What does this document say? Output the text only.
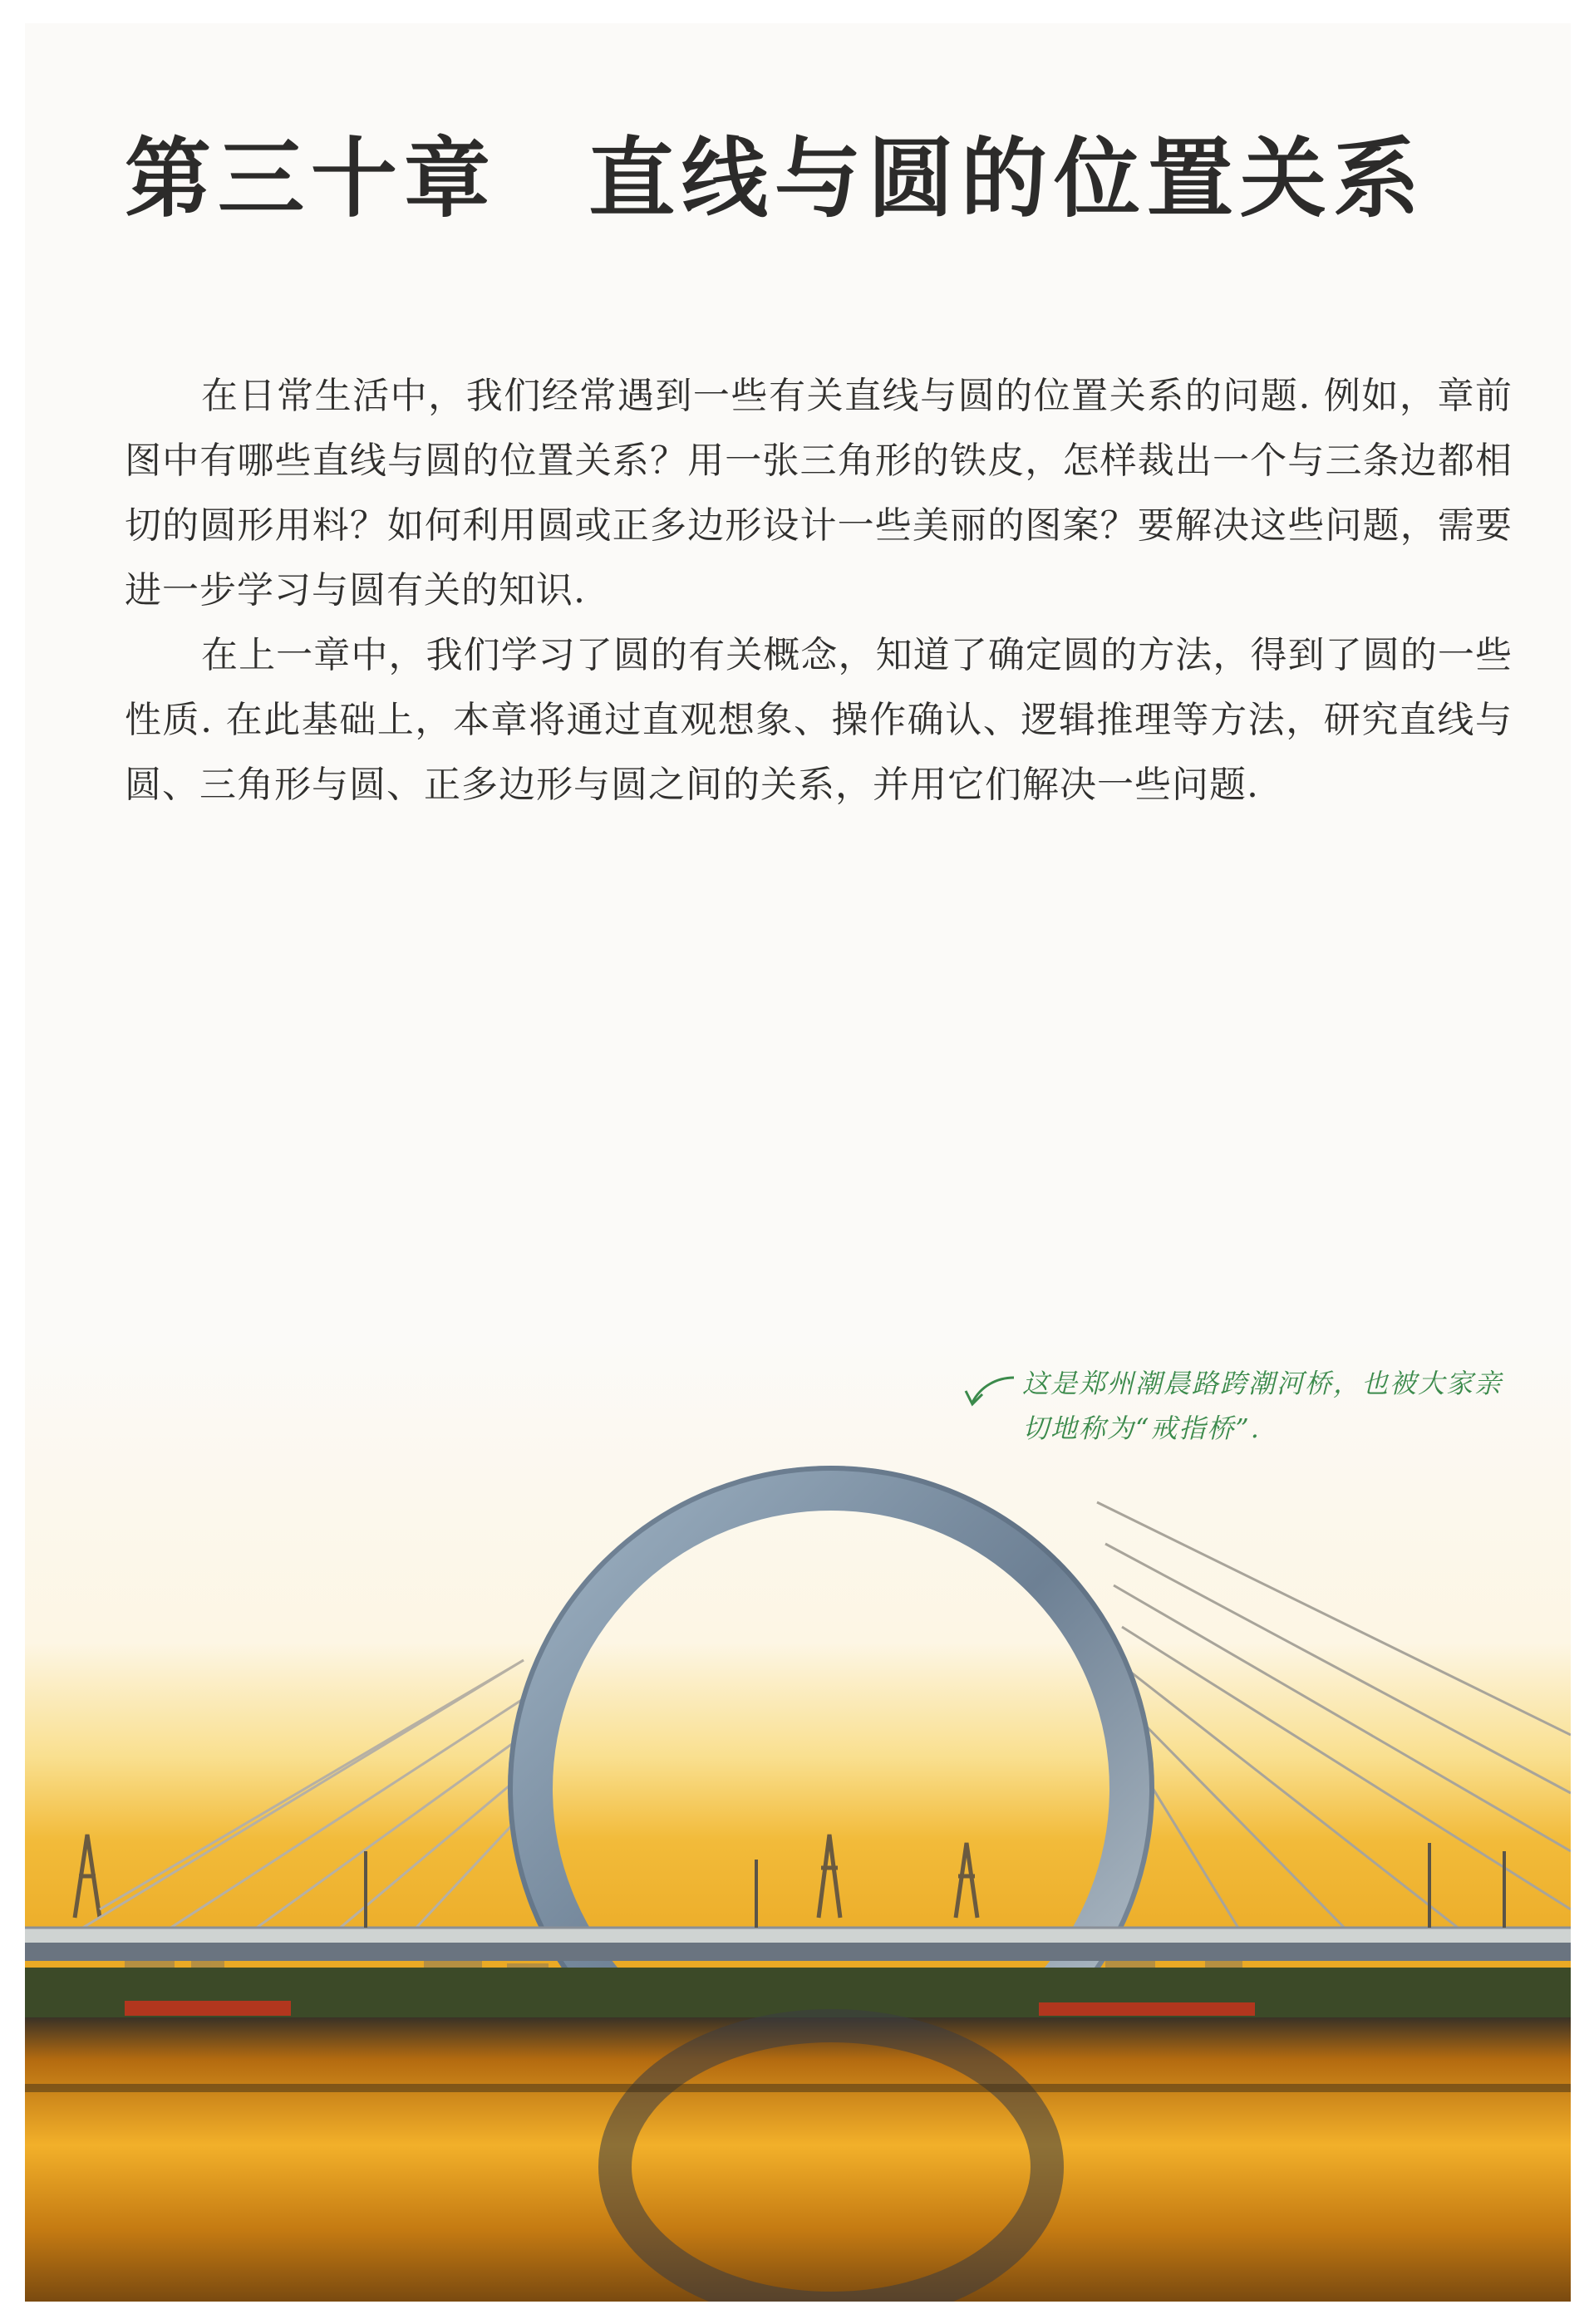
第三十章 直线与圆的位置关系

在日常生活中，我们经常遇到一些有关直线与圆的位置关系的问题. 例如，章前图中有哪些直线与圆的位置关系？用一张三角形的铁皮，怎样裁出一个与三条边都相切的圆形用料？如何利用圆或正多边形设计一些美丽的图案？要解决这些问题，需要进一步学习与圆有关的知识.

在上一章中，我们学习了圆的有关概念，知道了确定圆的方法，得到了圆的一些性质. 在此基础上，本章将通过直观想象、操作确认、逻辑推理等方法，研究直线与圆、三角形与圆、正多边形与圆之间的关系，并用它们解决一些问题.

这是郑州潮晨路跨潮河桥，也被大家亲切地称为“戒指桥”.
